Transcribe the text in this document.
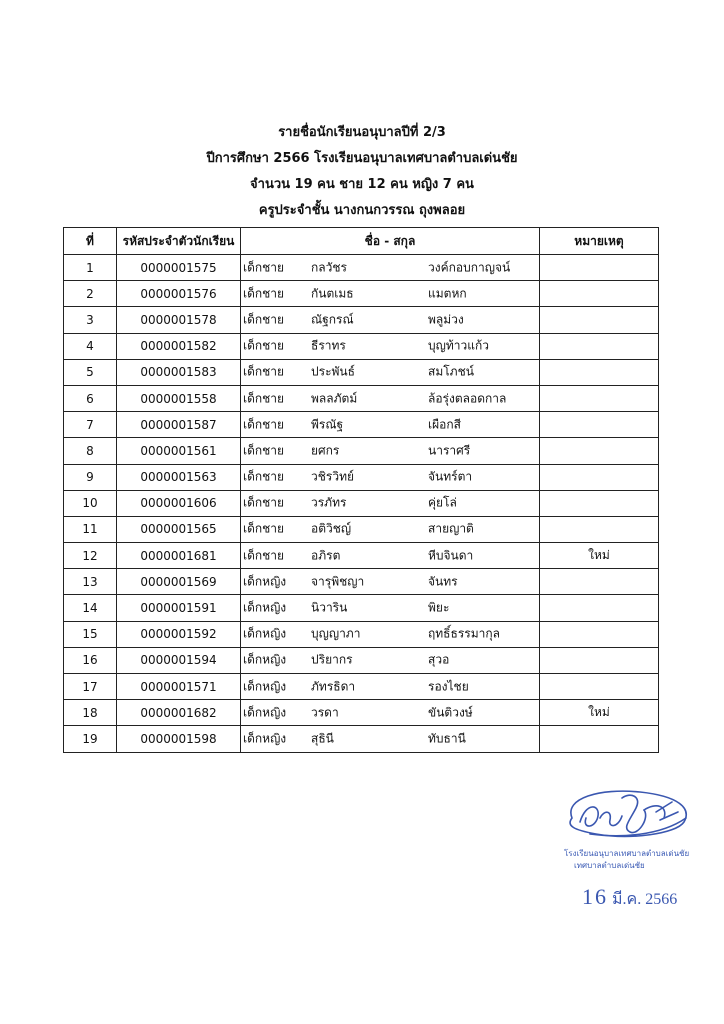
รายชื่อนักเรียนอนุบาลปีที่ 2/3
ปีการศึกษา 2566 โรงเรียนอนุบาลเทศบาลตำบลเด่นชัย
จำนวน 19 คน ชาย 12 คน หญิง 7 คน
ครูประจำชั้น นางกนกวรรณ ถุงพลอย
ที่	รหัสประจำตัวนักเรียน	ชื่อ - สกุล	หมายเหตุ
1	0000001575	เด็กชาย กลวัชร วงค์กอบกาญจน์	

2	0000001576	เด็กชาย กันตเมธ แมตหก	

3	0000001578	เด็กชาย ณัฐกรณ์ พลูม่วง	

4	0000001582	เด็กชาย ธีราทร บุญท้าวแก้ว	

5	0000001583	เด็กชาย ประพันธ์ สมโภชน์	

6	0000001558	เด็กชาย พลลภัตม์ ล้อรุ่งตลอดกาล	

7	0000001587	เด็กชาย พีรณัฐ เผือกสี	

8	0000001561	เด็กชาย ยศกร นาราศรี	

9	0000001563	เด็กชาย วชิรวิทย์ จันทร์ตา	

10	0000001606	เด็กชาย วรภัทร คุ่ยโล่	

11	0000001565	เด็กชาย อติวิชญ์ สายญาติ	

12	0000001681	เด็กชาย อภิรต หีบจินดา	ใหม่
13	0000001569	เด็กหญิง จารุพิชญา จันทร	

14	0000001591	เด็กหญิง นิวาริน พิยะ	

15	0000001592	เด็กหญิง บุญญาภา ฤทธิ์ธรรมากุล	

16	0000001594	เด็กหญิง ปริยากร สุวอ	

17	0000001571	เด็กหญิง ภัทรธิดา รองไชย	

18	0000001682	เด็กหญิง วรดา ขันติวงษ์	ใหม่
19	0000001598	เด็กหญิง สุธินี ทับธานี	

โรงเรียนอนุบาลเทศบาลตำบลเด่นชัย
เทศบาลตำบลเด่นชัย
16 มี.ค. 2566
